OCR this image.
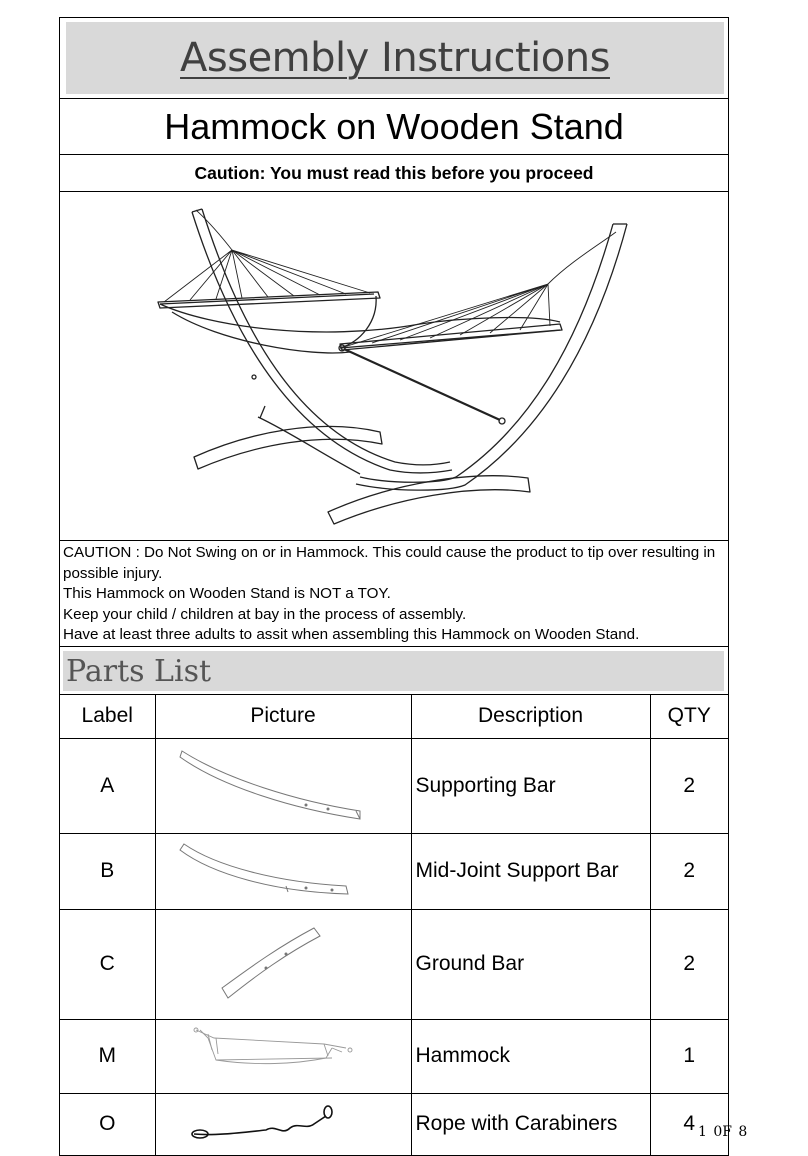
Assembly Instructions
Hammock on Wooden Stand
Caution: You must read this before you proceed
CAUTION : Do Not Swing on or in Hammock. This could cause the product to tip over resulting in possible injury.
This Hammock on Wooden Stand is NOT a TOY.
Keep your child / children at bay in the process of assembly.
Have at least three adults to assit when assembling this Hammock on Wooden Stand.
Parts List
Label	Picture	Description	QTY
A		Supporting Bar	2
B		Mid-Joint Support Bar	2
C		Ground Bar	2
M		Hammock	1
O		Rope with Carabiners	4 1 0F 8
